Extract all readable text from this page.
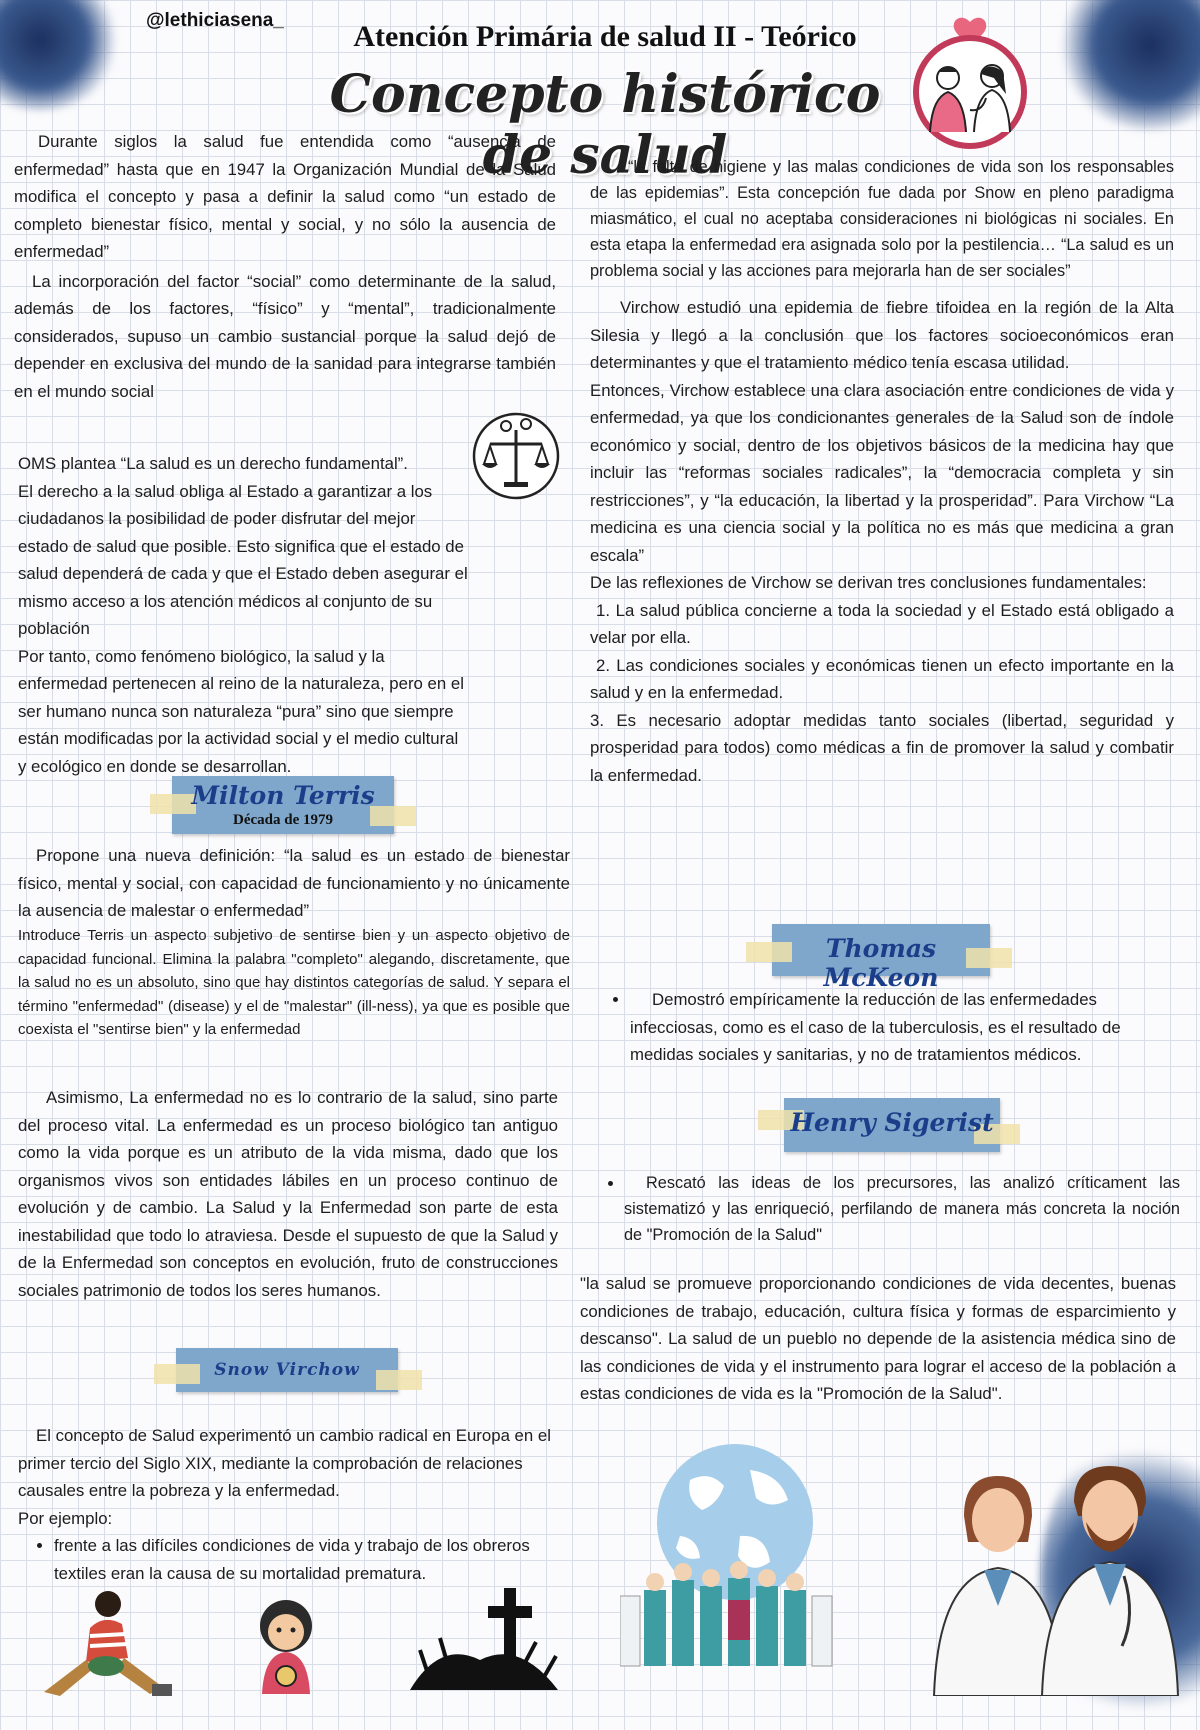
@lethiciasena_	Atención Primária de salud II - Teórico
Concepto histórico de salud

Durante siglos la salud fue entendida como “ausencia de enfermedad” hasta que en 1947 la Organización Mundial de la Salud modifica el concepto y pasa a definir la salud como “un estado de completo bienestar físico, mental y social, y no sólo la ausencia de enfermedad”

La incorporación del factor “social” como determinante de la salud, además de los factores, “físico” y “mental”, tradicionalmente considerados, supuso un cambio sustancial porque la salud dejó de depender en exclusiva del mundo de la sanidad para integrarse también en el mundo social

OMS plantea “La salud es un derecho fundamental”.

El derecho a la salud obliga al Estado a garantizar a los ciudadanos la posibilidad de poder disfrutar del mejor estado de salud que posible. Esto significa que el estado de salud dependerá de cada y que el Estado deben asegurar el mismo acceso a los atención médicos al conjunto de su población

Por tanto, como fenómeno biológico, la salud y la enfermedad pertenecen al reino de la naturaleza, pero en el ser humano nunca son naturaleza “pura” sino que siempre están modificadas por la actividad social y el medio cultural y ecológico en donde se desarrollan.

Milton Terris
Década de 1979

Propone una nueva definición: “la salud es un estado de bienestar físico, mental y social, con capacidad de funcionamiento y no únicamente la ausencia de malestar o enfermedad”

Introduce Terris un aspecto subjetivo de sentirse bien y un aspecto objetivo de capacidad funcional. Elimina la palabra "completo" alegando, discretamente, que la salud no es un absoluto, sino que hay distintos categorías de salud. Y separa el término "enfermedad" (disease) y el de "malestar" (ill-ness), ya que es posible que coexista el "sentirse bien" y la enfermedad

Asimismo, La enfermedad no es lo contrario de la salud, sino parte del proceso vital. La enfermedad es un proceso biológico tan antiguo como la vida porque es un atributo de la vida misma, dado que los organismos vivos son entidades lábiles en un proceso continuo de evolución y de cambio. La Salud y la Enfermedad son parte de esta inestabilidad que todo lo atraviesa. Desde el supuesto de que la Salud y de la Enfermedad son conceptos en evolución, fruto de construcciones sociales patrimonio de todos los seres humanos.

Snow Virchow

El concepto de Salud experimentó un cambio radical en Europa en el primer tercio del Siglo XIX, mediante la comprobación de relaciones causales entre la pobreza y la enfermedad.

Por ejemplo:

• frente a las difíciles condiciones de vida y trabajo de los obreros textiles eran la causa de su mortalidad prematura.

“la falta de higiene y las malas condiciones de vida son los responsables de las epidemias”. Esta concepción fue dada por Snow en pleno paradigma miasmático, el cual no aceptaba consideraciones ni biológicas ni sociales. En esta etapa la enfermedad era asignada solo por la pestilencia… “La salud es un problema social y las acciones para mejorarla han de ser sociales”

Virchow estudió una epidemia de fiebre tifoidea en la región de la Alta Silesia y llegó a la conclusión que los factores socioeconómicos eran determinantes y que el tratamiento médico tenía escasa utilidad.

Entonces, Virchow establece una clara asociación entre condiciones de vida y enfermedad, ya que los condicionantes generales de la Salud son de índole económico y social, dentro de los objetivos básicos de la medicina hay que incluir las “reformas sociales radicales”, la “democracia completa y sin restricciones”, y “la educación, la libertad y la prosperidad”. Para Virchow “La medicina es una ciencia social y la política no es más que medicina a gran escala”

De las reflexiones de Virchow se derivan tres conclusiones fundamentales:

1. La salud pública concierne a toda la sociedad y el Estado está obligado a velar por ella.

2. Las condiciones sociales y económicas tienen un efecto importante en la salud y en la enfermedad.

3. Es necesario adoptar medidas tanto sociales (libertad, seguridad y prosperidad para todos) como médicas a fin de promover la salud y combatir la enfermedad.

Thomas McKeon
• Demostró empíricamente la reducción de las enfermedades infecciosas, como es el caso de la tuberculosis, es el resultado de medidas sociales y sanitarias, y no de tratamientos médicos.
Henry Sigerist
• Rescató las ideas de los precursores, las analizó críticament las sistematizó y las enriqueció, perfilando de manera más concreta la noción de "Promoción de la Salud"

"la salud se promueve proporcionando condiciones de vida decentes, buenas condiciones de trabajo, educación, cultura física y formas de esparcimiento y descanso". La salud de un pueblo no depende de la asistencia médica sino de las condiciones de vida y el instrumento para lograr el acceso de la población a estas condiciones de vida es la "Promoción de la Salud".
